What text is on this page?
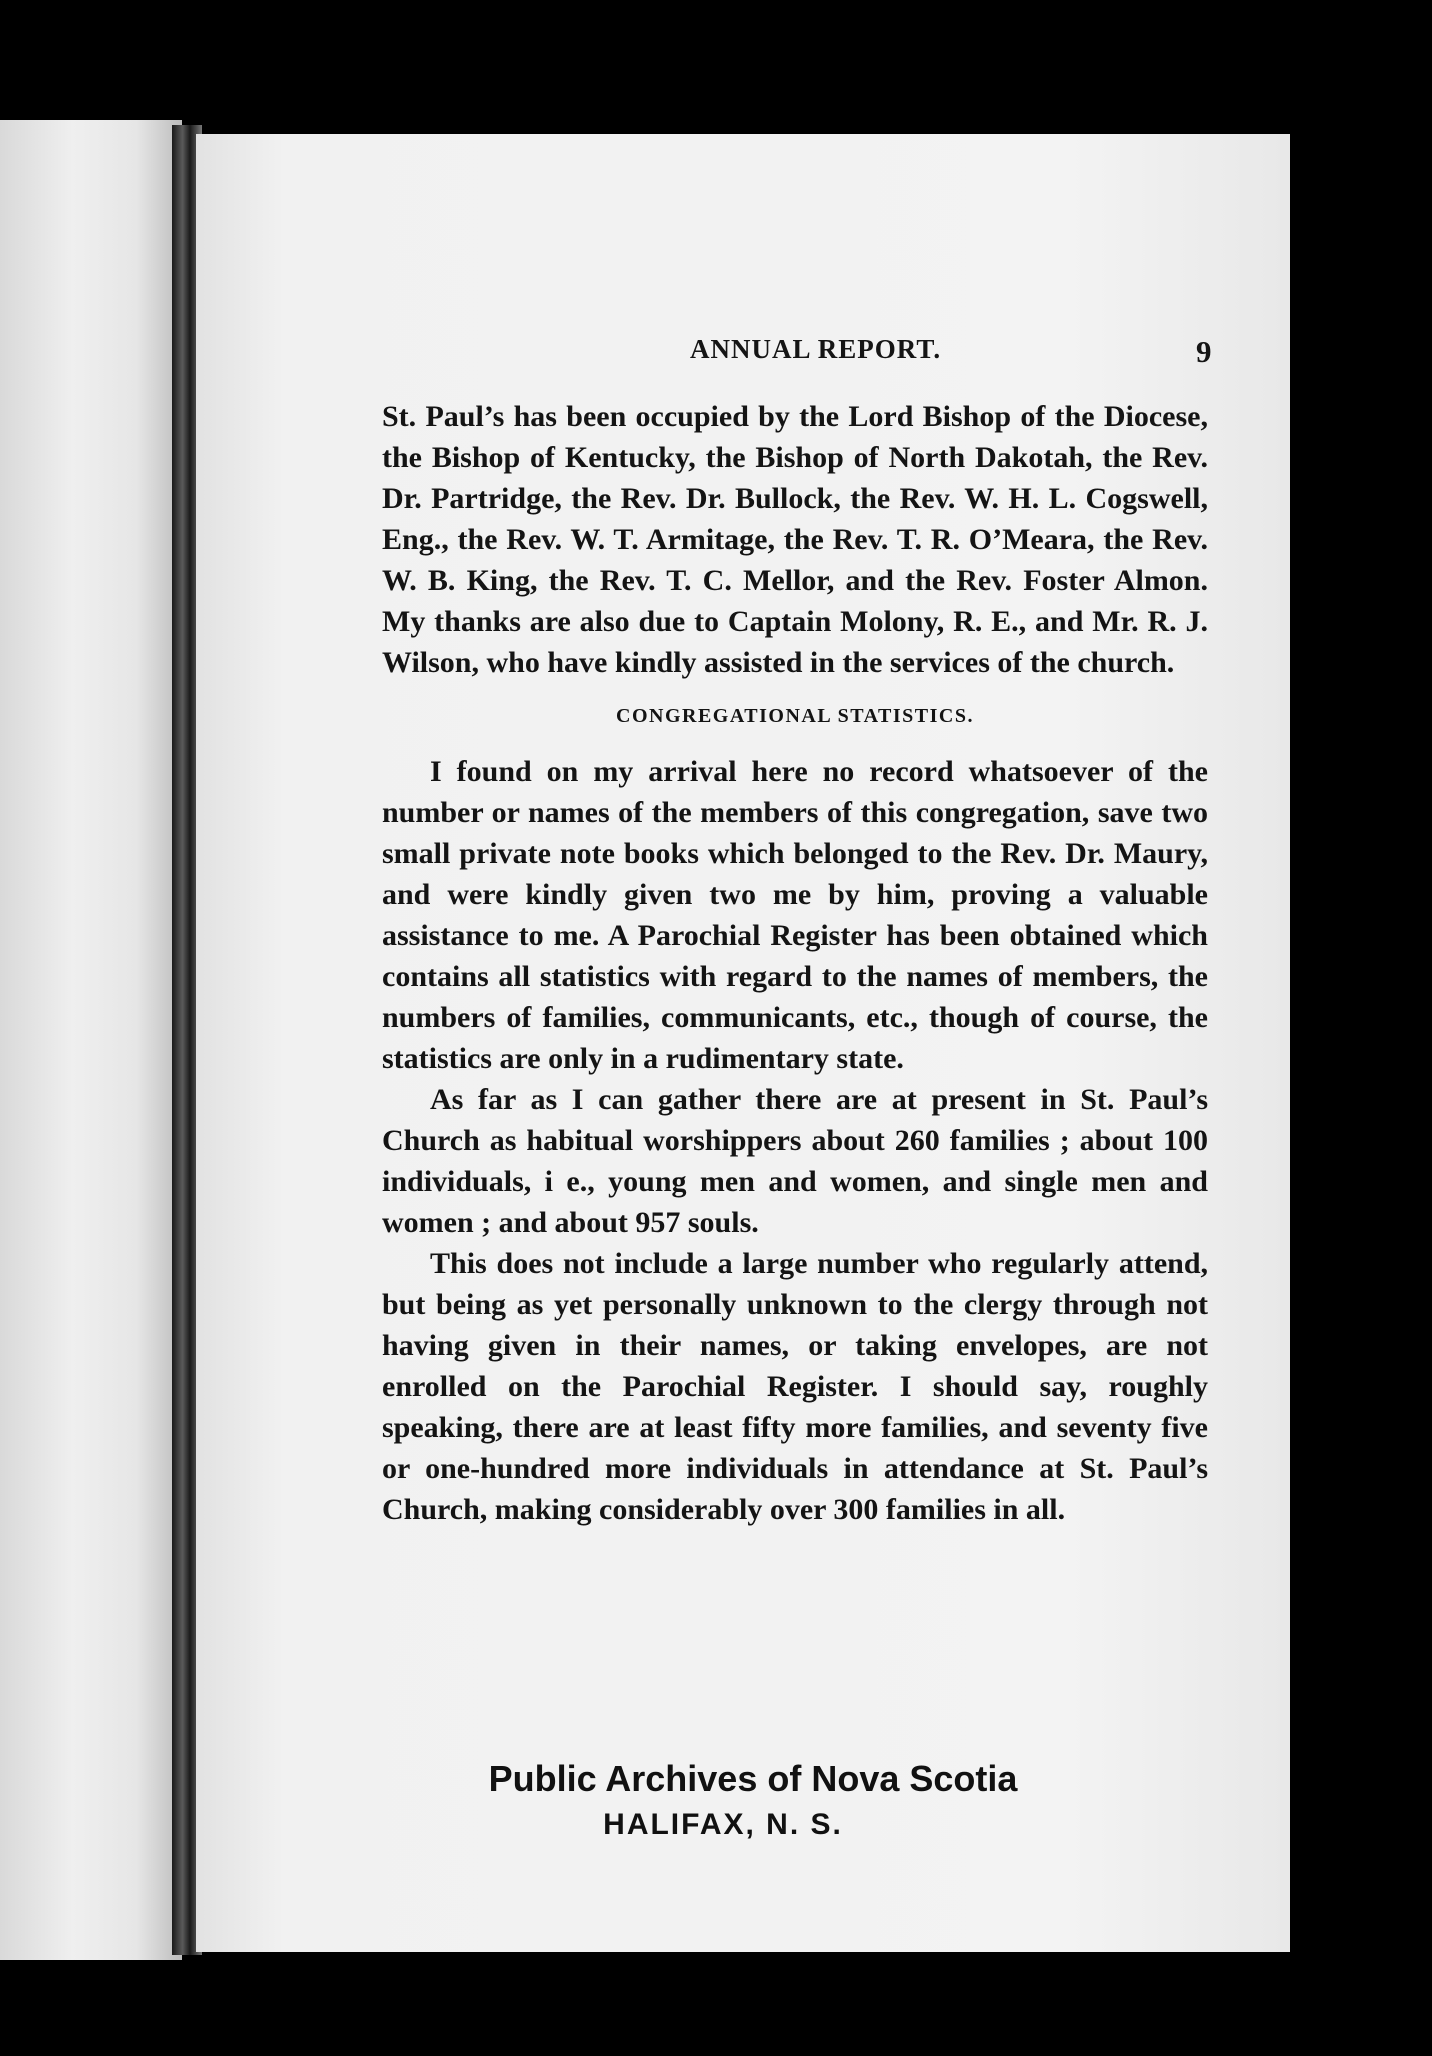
ANNUAL REPORT.	9

St. Paul’s has been occupied by the Lord Bishop of the Diocese, the Bishop of Kentucky, the Bishop of North Dakotah, the Rev. Dr. Partridge, the Rev. Dr. Bullock, the Rev. W. H. L. Cogswell, Eng., the Rev. W. T. Armitage, the Rev. T. R. O’Meara, the Rev. W. B. King, the Rev. T. C. Mellor, and the Rev. Foster Almon. My thanks are also due to Captain Molony, R. E., and Mr. R. J. Wilson, who have kindly assisted in the services of the church.

CONGREGATIONAL STATISTICS.

I found on my arrival here no record whatsoever of the number or names of the members of this congregation, save two small private note books which belonged to the Rev. Dr. Maury, and were kindly given two me by him, proving a valuable assistance to me. A Parochial Register has been obtained which contains all statistics with regard to the names of members, the numbers of families, communicants, etc., though of course, the statistics are only in a rudimentary state.

As far as I can gather there are at present in St. Paul’s Church as habitual worshippers about 260 families ; about 100 individuals, i e., young men and women, and single men and women ; and about 957 souls.

This does not include a large number who regularly attend, but being as yet personally unknown to the clergy through not having given in their names, or taking envelopes, are not enrolled on the Parochial Register. I should say, roughly speaking, there are at least fifty more families, and seventy five or one-hundred more individuals in attendance at St. Paul’s Church, making considerably over 300 families in all.

Public Archives of Nova Scotia
HALIFAX, N. S.
